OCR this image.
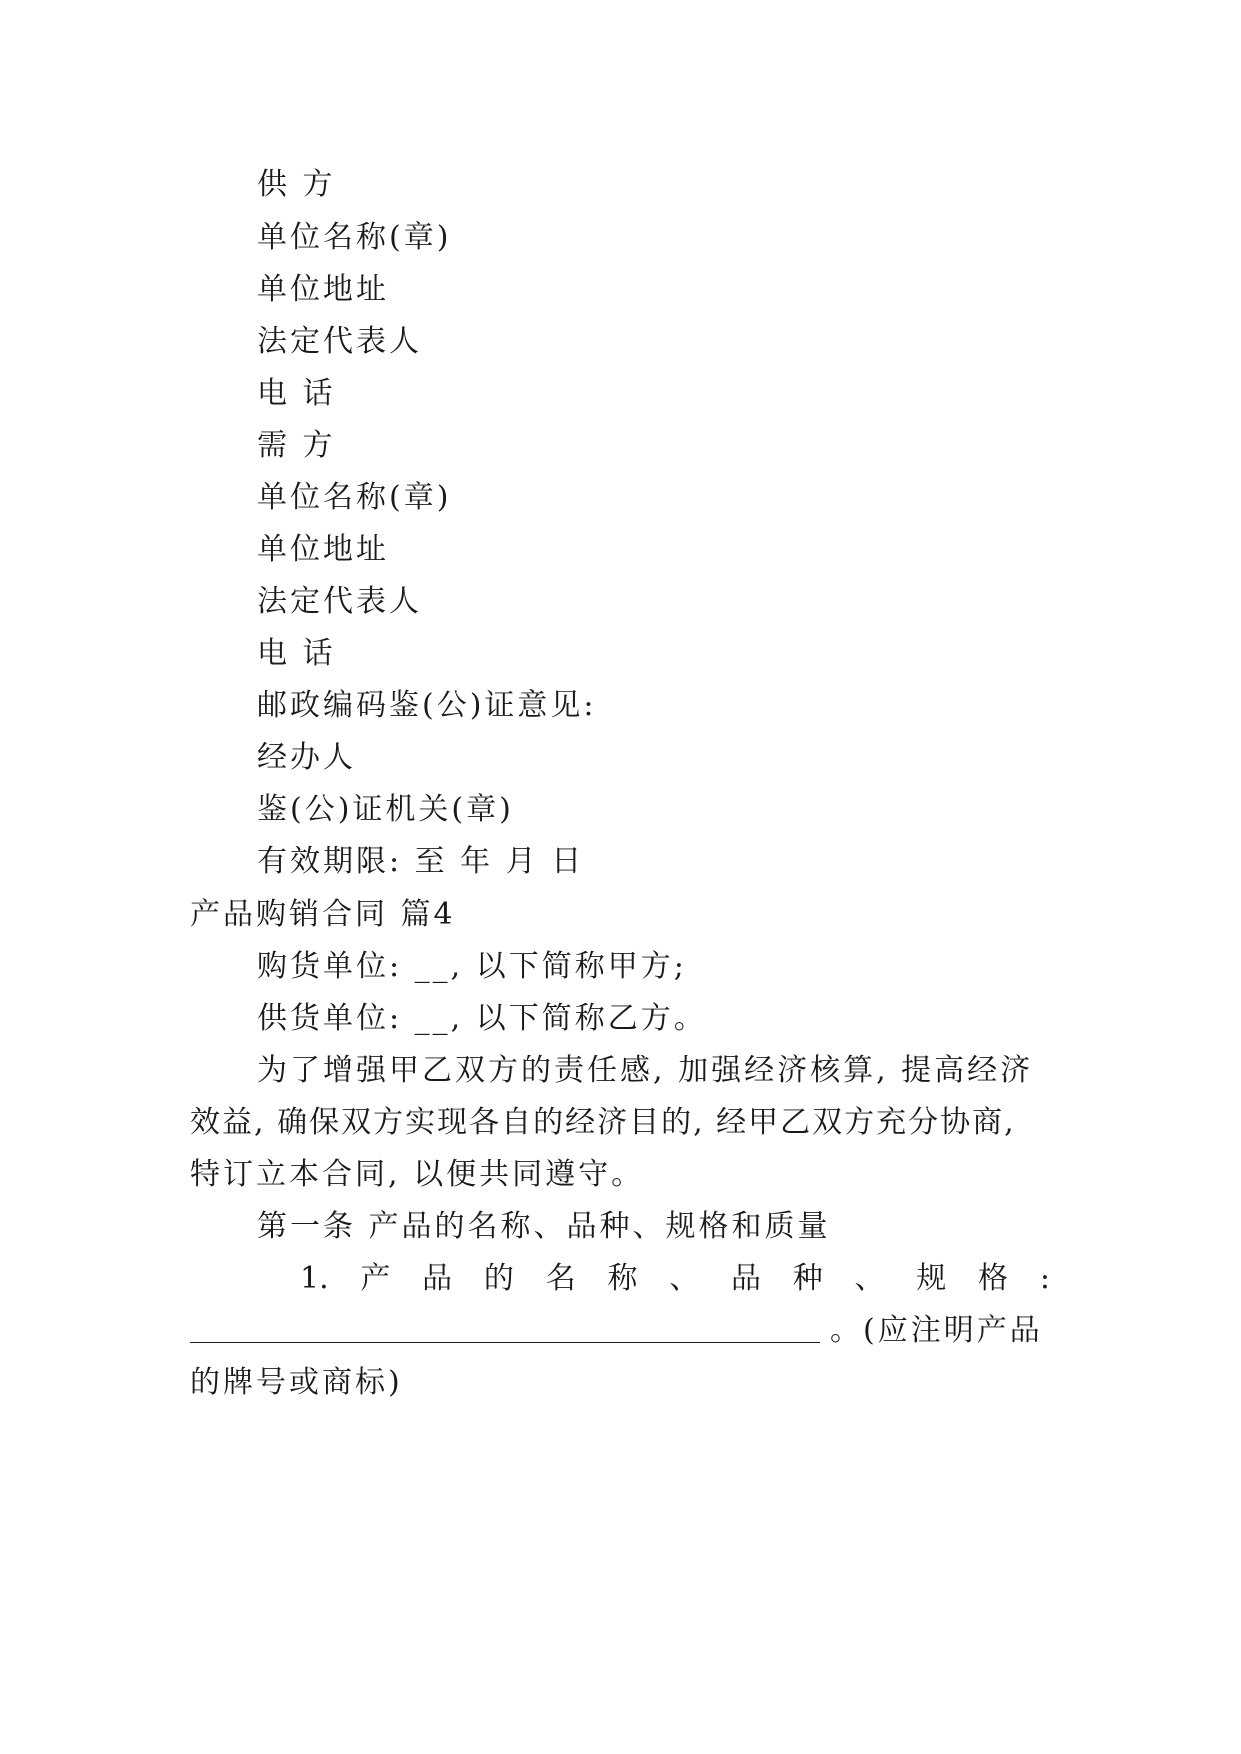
供 方
单位名称(章)
单位地址
法定代表人
电 话
需 方
单位名称(章)
单位地址
法定代表人
电 话
邮政编码鉴(公)证意见:
经办人
鉴(公)证机关(章)
有效期限: 至 年 月 日
产品购销合同 篇4
购货单位: __, 以下简称甲方;
供货单位: __, 以下简称乙方。
为了增强甲乙双方的责任感, 加强经济核算, 提高经济
效益, 确保双方实现各自的经济目的, 经甲乙双方充分协商,
特订立本合同, 以便共同遵守。
第一条 产品的名称、品种、规格和质量
1. 产 品 的 名 称 、 品 种 、 规 格 :
。(应注明产品
的牌号或商标)
